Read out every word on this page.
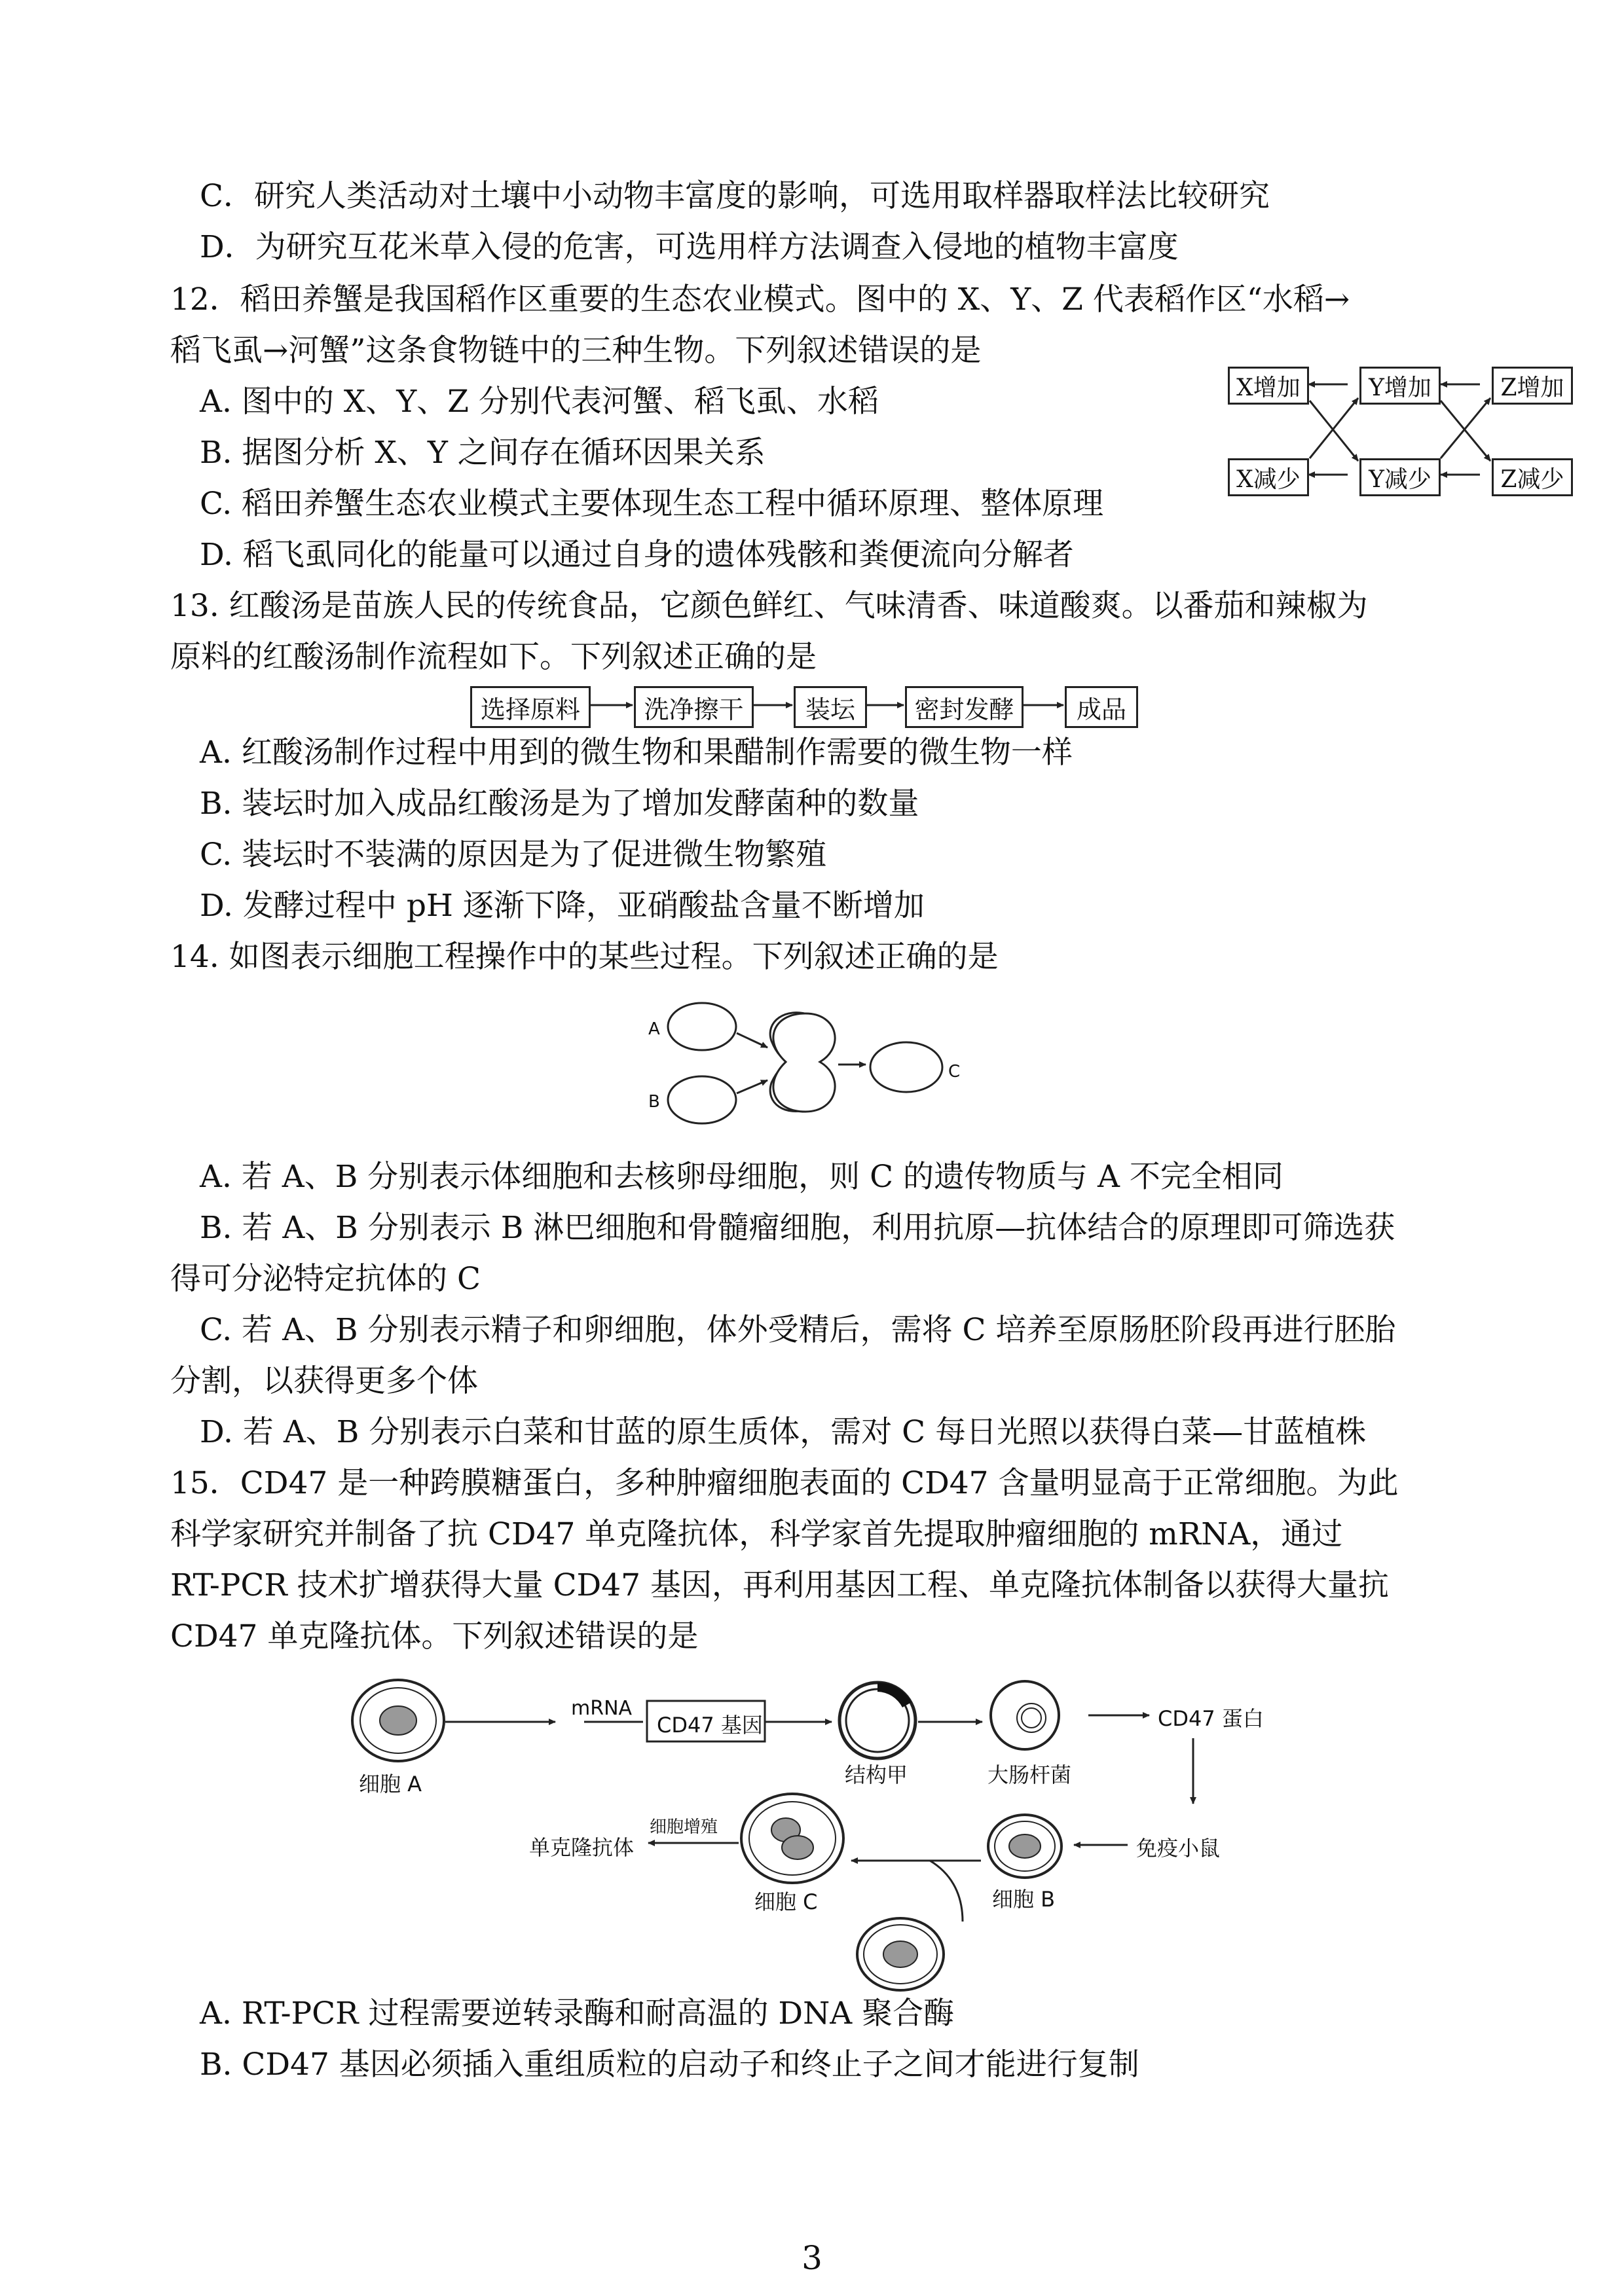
C．研究人类活动对土壤中小动物丰富度的影响，可选用取样器取样法比较研究
D．为研究互花米草入侵的危害，可选用样方法调查入侵地的植物丰富度
12．稻田养蟹是我国稻作区重要的生态农业模式。图中的 X、Y、Z 代表稻作区“水稻→
稻飞虱→河蟹”这条食物链中的三种生物。下列叙述错误的是
A. 图中的 X、Y、Z 分别代表河蟹、稻飞虱、水稻
B. 据图分析 X、Y 之间存在循环因果关系
C. 稻田养蟹生态农业模式主要体现生态工程中循环原理、整体原理
D. 稻飞虱同化的能量可以通过自身的遗体残骸和粪便流向分解者
X增加	Y增加	Z增加
X减少	Y减少	Z减少
13. 红酸汤是苗族人民的传统食品，它颜色鲜红、气味清香、味道酸爽。以番茄和辣椒为
原料的红酸汤制作流程如下。下列叙述正确的是
选择原料	洗净擦干	装坛	密封发酵	成品
A. 红酸汤制作过程中用到的微生物和果醋制作需要的微生物一样
B. 装坛时加入成品红酸汤是为了增加发酵菌种的数量
C. 装坛时不装满的原因是为了促进微生物繁殖
D. 发酵过程中 pH 逐渐下降，亚硝酸盐含量不断增加
14. 如图表示细胞工程操作中的某些过程。下列叙述正确的是
A
B
C
A. 若 A、B 分别表示体细胞和去核卵母细胞，则 C 的遗传物质与 A 不完全相同
B. 若 A、B 分别表示 B 淋巴细胞和骨髓瘤细胞，利用抗原—抗体结合的原理即可筛选获
得可分泌特定抗体的 C
C. 若 A、B 分别表示精子和卵细胞，体外受精后，需将 C 培养至原肠胚阶段再进行胚胎
分割，以获得更多个体
D. 若 A、B 分别表示白菜和甘蓝的原生质体，需对 C 每日光照以获得白菜—甘蓝植株
15．CD47 是一种跨膜糖蛋白，多种肿瘤细胞表面的 CD47 含量明显高于正常细胞。为此
科学家研究并制备了抗 CD47 单克隆抗体，科学家首先提取肿瘤细胞的 mRNA，通过
RT-PCR 技术扩增获得大量 CD47 基因，再利用基因工程、单克隆抗体制备以获得大量抗
CD47 单克隆抗体。下列叙述错误的是
mRNA
CD47 基因
结构甲	大肠杆菌
CD47 蛋白
细胞 A
免疫小鼠
细胞 B
细胞 C
细胞增殖
单克隆抗体
A. RT-PCR 过程需要逆转录酶和耐高温的 DNA 聚合酶
B. CD47 基因必须插入重组质粒的启动子和终止子之间才能进行复制
3
